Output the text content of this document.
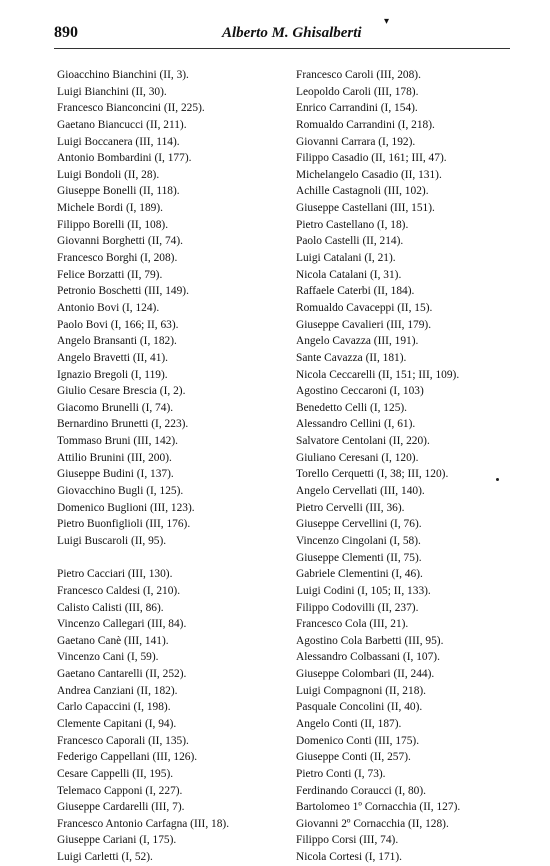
890	Alberto M. Ghisalberti
▾
Gioacchino Bianchini (II, 3).
Luigi Bianchini (II, 30).
Francesco Bianconcini (II, 225).
Gaetano Biancucci (II, 211).
Luigi Boccanera (III, 114).
Antonio Bombardini (I, 177).
Luigi Bondoli (II, 28).
Giuseppe Bonelli (II, 118).
Michele Bordi (I, 189).
Filippo Borelli (II, 108).
Giovanni Borghetti (II, 74).
Francesco Borghi (I, 208).
Felice Borzatti (II, 79).
Petronio Boschetti (III, 149).
Antonio Bovi (I, 124).
Paolo Bovi (I, 166; II, 63).
Angelo Bransanti (I, 182).
Angelo Bravetti (II, 41).
Ignazio Bregoli (I, 119).
Giulio Cesare Brescia (I, 2).
Giacomo Brunelli (I, 74).
Bernardino Brunetti (I, 223).
Tommaso Bruni (III, 142).
Attilio Brunini (III, 200).
Giuseppe Budini (I, 137).
Giovacchino Bugli (I, 125).
Domenico Buglioni (III, 123).
Pietro Buonfiglioli (III, 176).
Luigi Buscaroli (II, 95).
Pietro Cacciari (III, 130).
Francesco Caldesi (I, 210).
Calisto Calisti (III, 86).
Vincenzo Callegari (III, 84).
Gaetano Canè (III, 141).
Vincenzo Cani (I, 59).
Gaetano Cantarelli (II, 252).
Andrea Canziani (II, 182).
Carlo Capaccini (I, 198).
Clemente Capitani (I, 94).
Francesco Caporali (II, 135).
Federigo Cappellani (III, 126).
Cesare Cappelli (II, 195).
Telemaco Capponi (I, 227).
Giuseppe Cardarelli (III, 7).
Francesco Antonio Carfagna (III, 18).
Giuseppe Cariani (I, 175).
Luigi Carletti (I, 52).
Francesco Caroli (III, 208).
Leopoldo Caroli (III, 178).
Enrico Carrandini (I, 154).
Romualdo Carrandini (I, 218).
Giovanni Carrara (I, 192).
Filippo Casadio (II, 161; III, 47).
Michelangelo Casadio (II, 131).
Achille Castagnoli (III, 102).
Giuseppe Castellani (III, 151).
Pietro Castellano (I, 18).
Paolo Castelli (II, 214).
Luigi Catalani (I, 21).
Nicola Catalani (I, 31).
Raffaele Caterbi (II, 184).
Romualdo Cavaceppi (II, 15).
Giuseppe Cavalieri (III, 179).
Angelo Cavazza (III, 191).
Sante Cavazza (II, 181).
Nicola Ceccarelli (II, 151; III, 109).
Agostino Ceccaroni (I, 103)
Benedetto Celli (I, 125).
Alessandro Cellini (I, 61).
Salvatore Centolani (II, 220).
Giuliano Ceresani (I, 120).
Torello Cerquetti (I, 38; III, 120).
Angelo Cervellati (III, 140).
Pietro Cervelli (III, 36).
Giuseppe Cervellini (I, 76).
Vincenzo Cingolani (I, 58).
Giuseppe Clementi (II, 75).
Gabriele Clementini (I, 46).
Luigi Codini (I, 105; II, 133).
Filippo Codovilli (II, 237).
Francesco Cola (III, 21).
Agostino Cola Barbetti (III, 95).
Alessandro Colbassani (I, 107).
Giuseppe Colombari (II, 244).
Luigi Compagnoni (II, 218).
Pasquale Concolini (II, 40).
Angelo Conti (II, 187).
Domenico Conti (III, 175).
Giuseppe Conti (II, 257).
Pietro Conti (I, 73).
Ferdinando Coraucci (I, 80).
Bartolomeo 1º Cornacchia (II, 127).
Giovanni 2º Cornacchia (II, 128).
Filippo Corsi (III, 74).
Nicola Cortesi (I, 171).
